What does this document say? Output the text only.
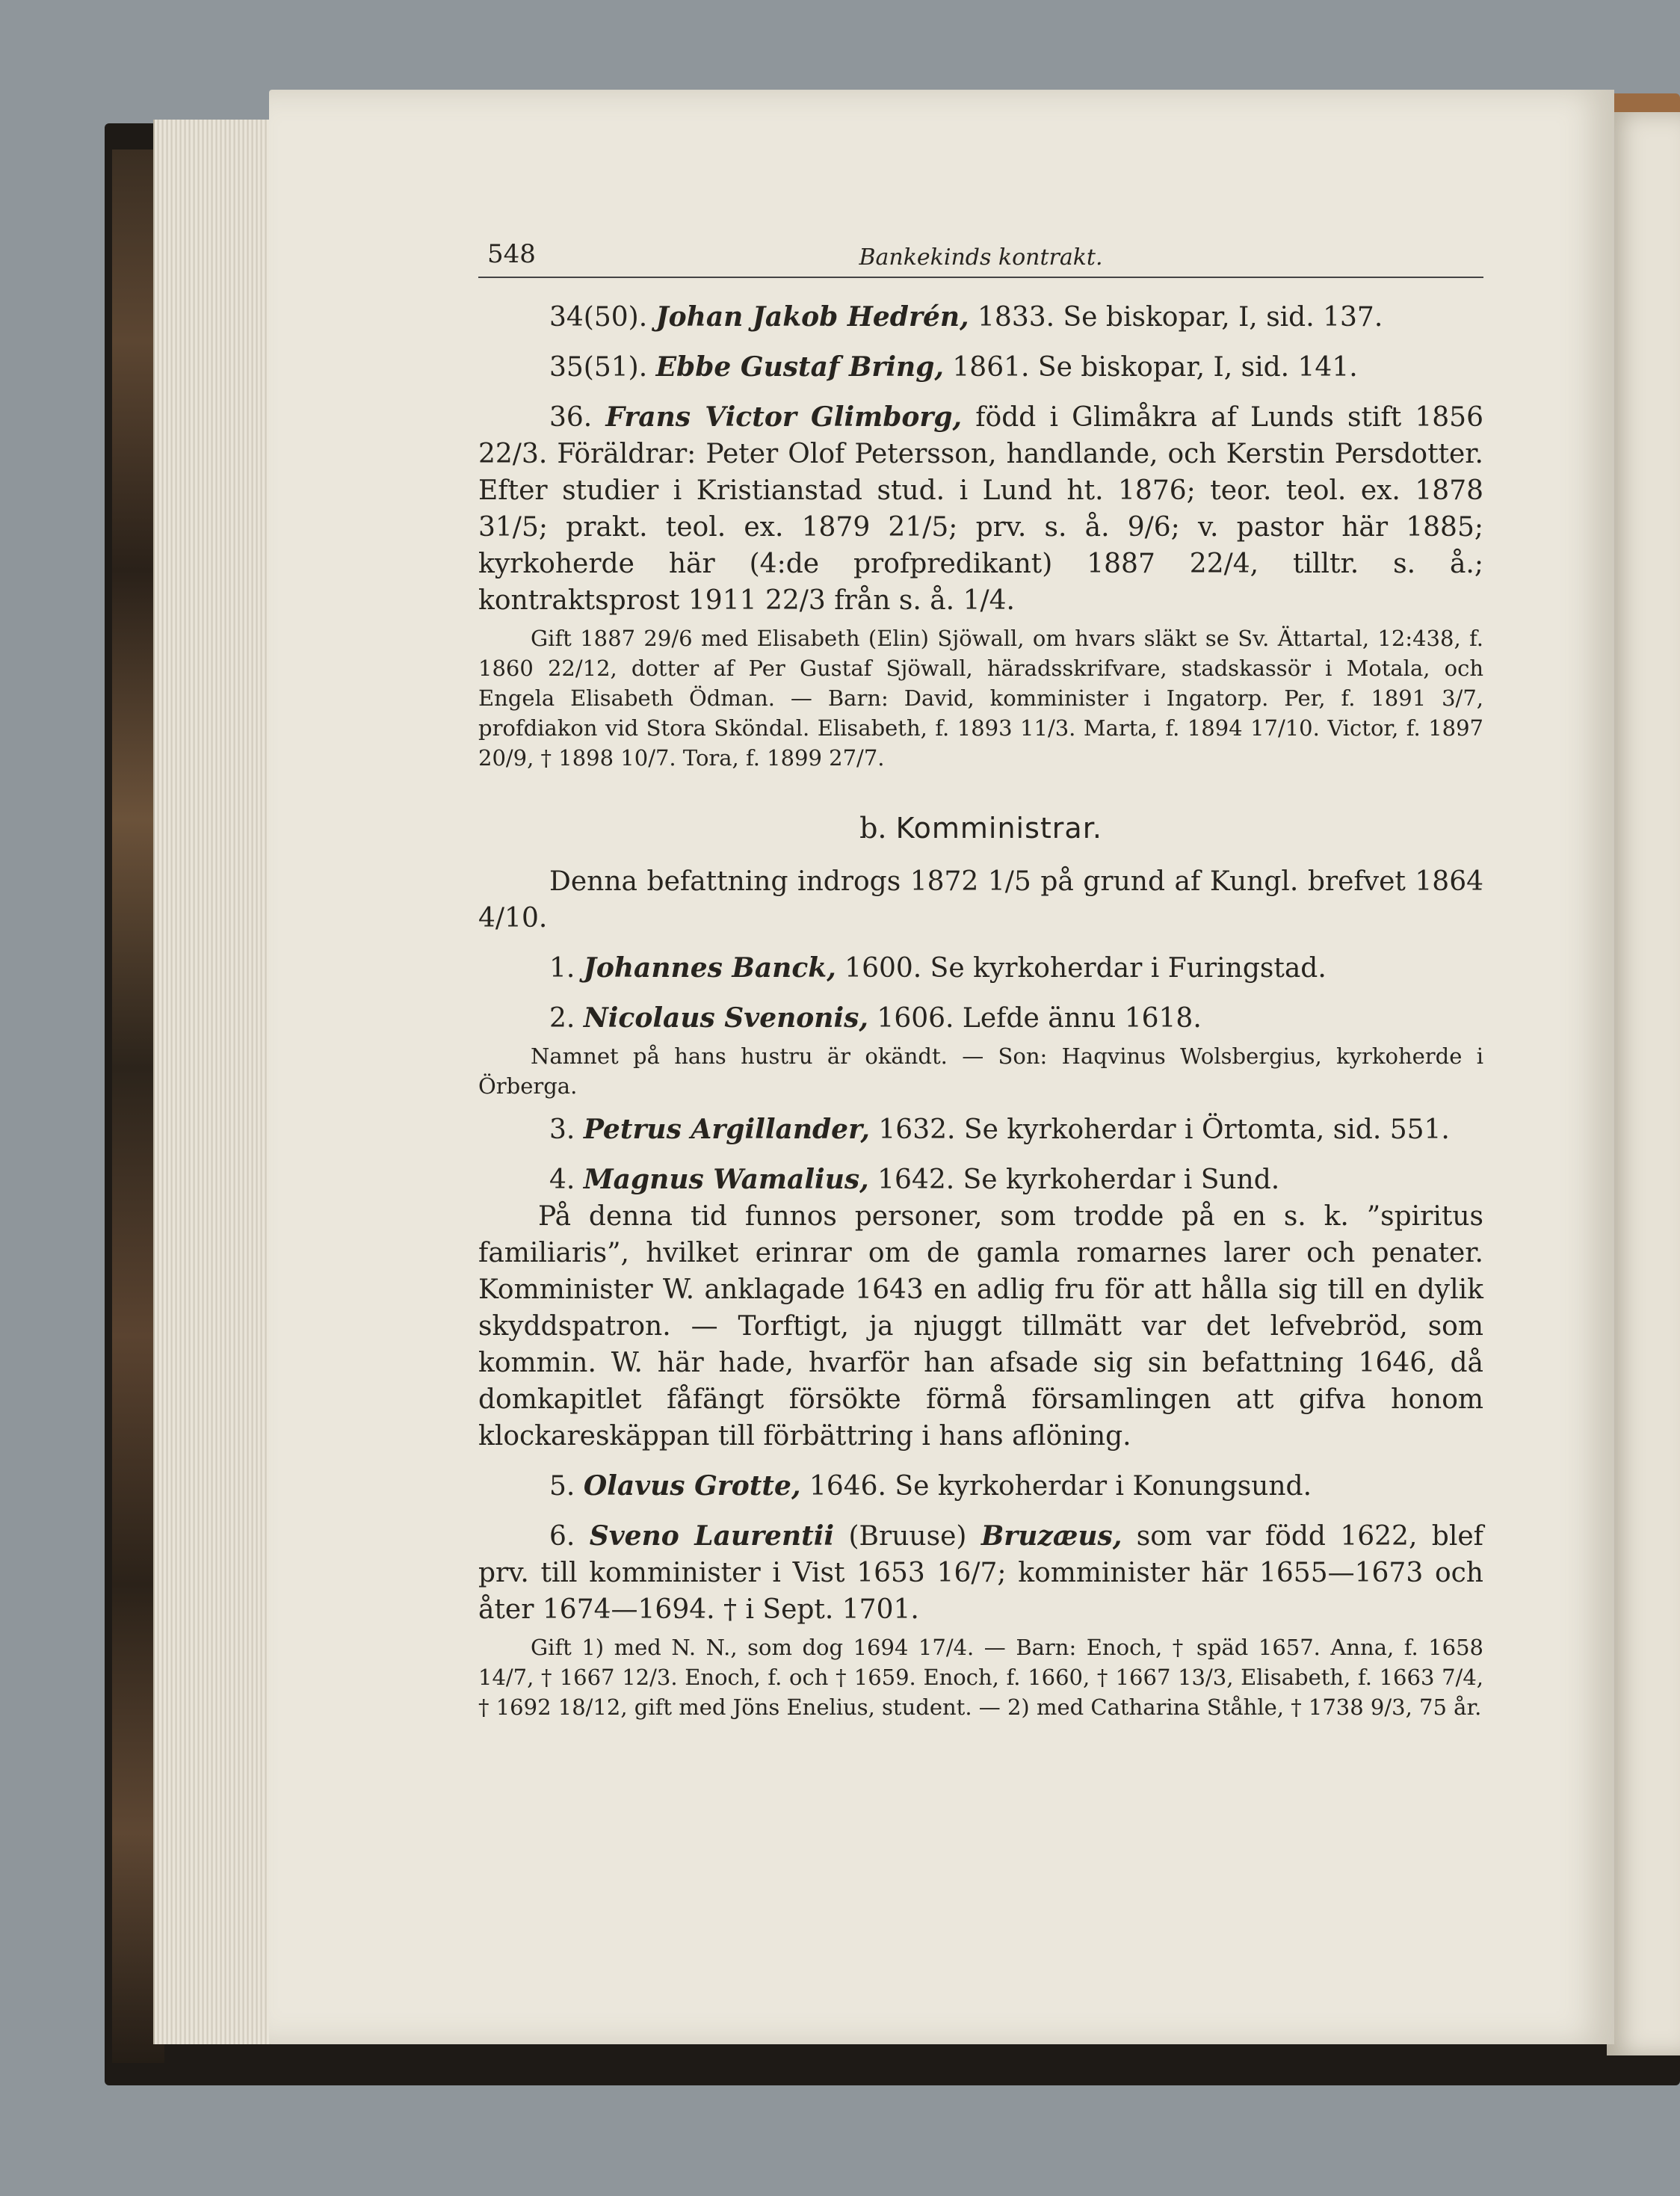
548	Bankekinds kontrakt.

34(50). Johan Jakob Hedrén, 1833. Se biskopar, I, sid. 137.

35(51). Ebbe Gustaf Bring, 1861. Se biskopar, I, sid. 141.

36. Frans Victor Glimborg, född i Glimåkra af Lunds stift 1856 22/3. Föräldrar: Peter Olof Petersson, handlande, och Kerstin Persdotter. Efter studier i Kristianstad stud. i Lund ht. 1876; teor. teol. ex. 1878 31/5; prakt. teol. ex. 1879 21/5; prv. s. å. 9/6; v. pastor här 1885; kyrkoherde här (4:de profpredikant) 1887 22/4, tilltr. s. å.; kontraktsprost 1911 22/3 från s. å. 1/4.

Gift 1887 29/6 med Elisabeth (Elin) Sjöwall, om hvars släkt se Sv. Ättartal, 12:438, f. 1860 22/12, dotter af Per Gustaf Sjöwall, häradsskrifvare, stadskassör i Motala, och Engela Elisabeth Ödman. — Barn: David, komminister i Ingatorp. Per, f. 1891 3/7, profdiakon vid Stora Sköndal. Elisabeth, f. 1893 11/3. Marta, f. 1894 17/10. Victor, f. 1897 20/9, † 1898 10/7. Tora, f. 1899 27/7.

b. Komministrar.

Denna befattning indrogs 1872 1/5 på grund af Kungl. brefvet 1864 4/10.

1. Johannes Banck, 1600. Se kyrkoherdar i Furingstad.

2. Nicolaus Svenonis, 1606. Lefde ännu 1618.

Namnet på hans hustru är okändt. — Son: Haqvinus Wolsbergius, kyrkoherde i Örberga.

3. Petrus Argillander, 1632. Se kyrkoherdar i Örtomta, sid. 551.

4. Magnus Wamalius, 1642. Se kyrkoherdar i Sund.

På denna tid funnos personer, som trodde på en s. k. ”spiritus familiaris”, hvilket erinrar om de gamla romarnes larer och penater. Komminister W. anklagade 1643 en adlig fru för att hålla sig till en dylik skyddspatron. — Torftigt, ja njuggt tillmätt var det lefvebröd, som kommin. W. här hade, hvarför han afsade sig sin befattning 1646, då domkapitlet fåfängt försökte förmå församlingen att gifva honom klockareskäppan till förbättring i hans aflöning.

5. Olavus Grotte, 1646. Se kyrkoherdar i Konungsund.

6. Sveno Laurentii (Bruuse) Bruzæus, som var född 1622, blef prv. till komminister i Vist 1653 16/7; komminister här 1655—1673 och åter 1674—1694. † i Sept. 1701.

Gift 1) med N. N., som dog 1694 17/4. — Barn: Enoch, † späd 1657. Anna, f. 1658 14/7, † 1667 12/3. Enoch, f. och † 1659. Enoch, f. 1660, † 1667 13/3, Elisabeth, f. 1663 7/4, † 1692 18/12, gift med Jöns Enelius, student. — 2) med Catharina Ståhle, † 1738 9/3, 75 år.
